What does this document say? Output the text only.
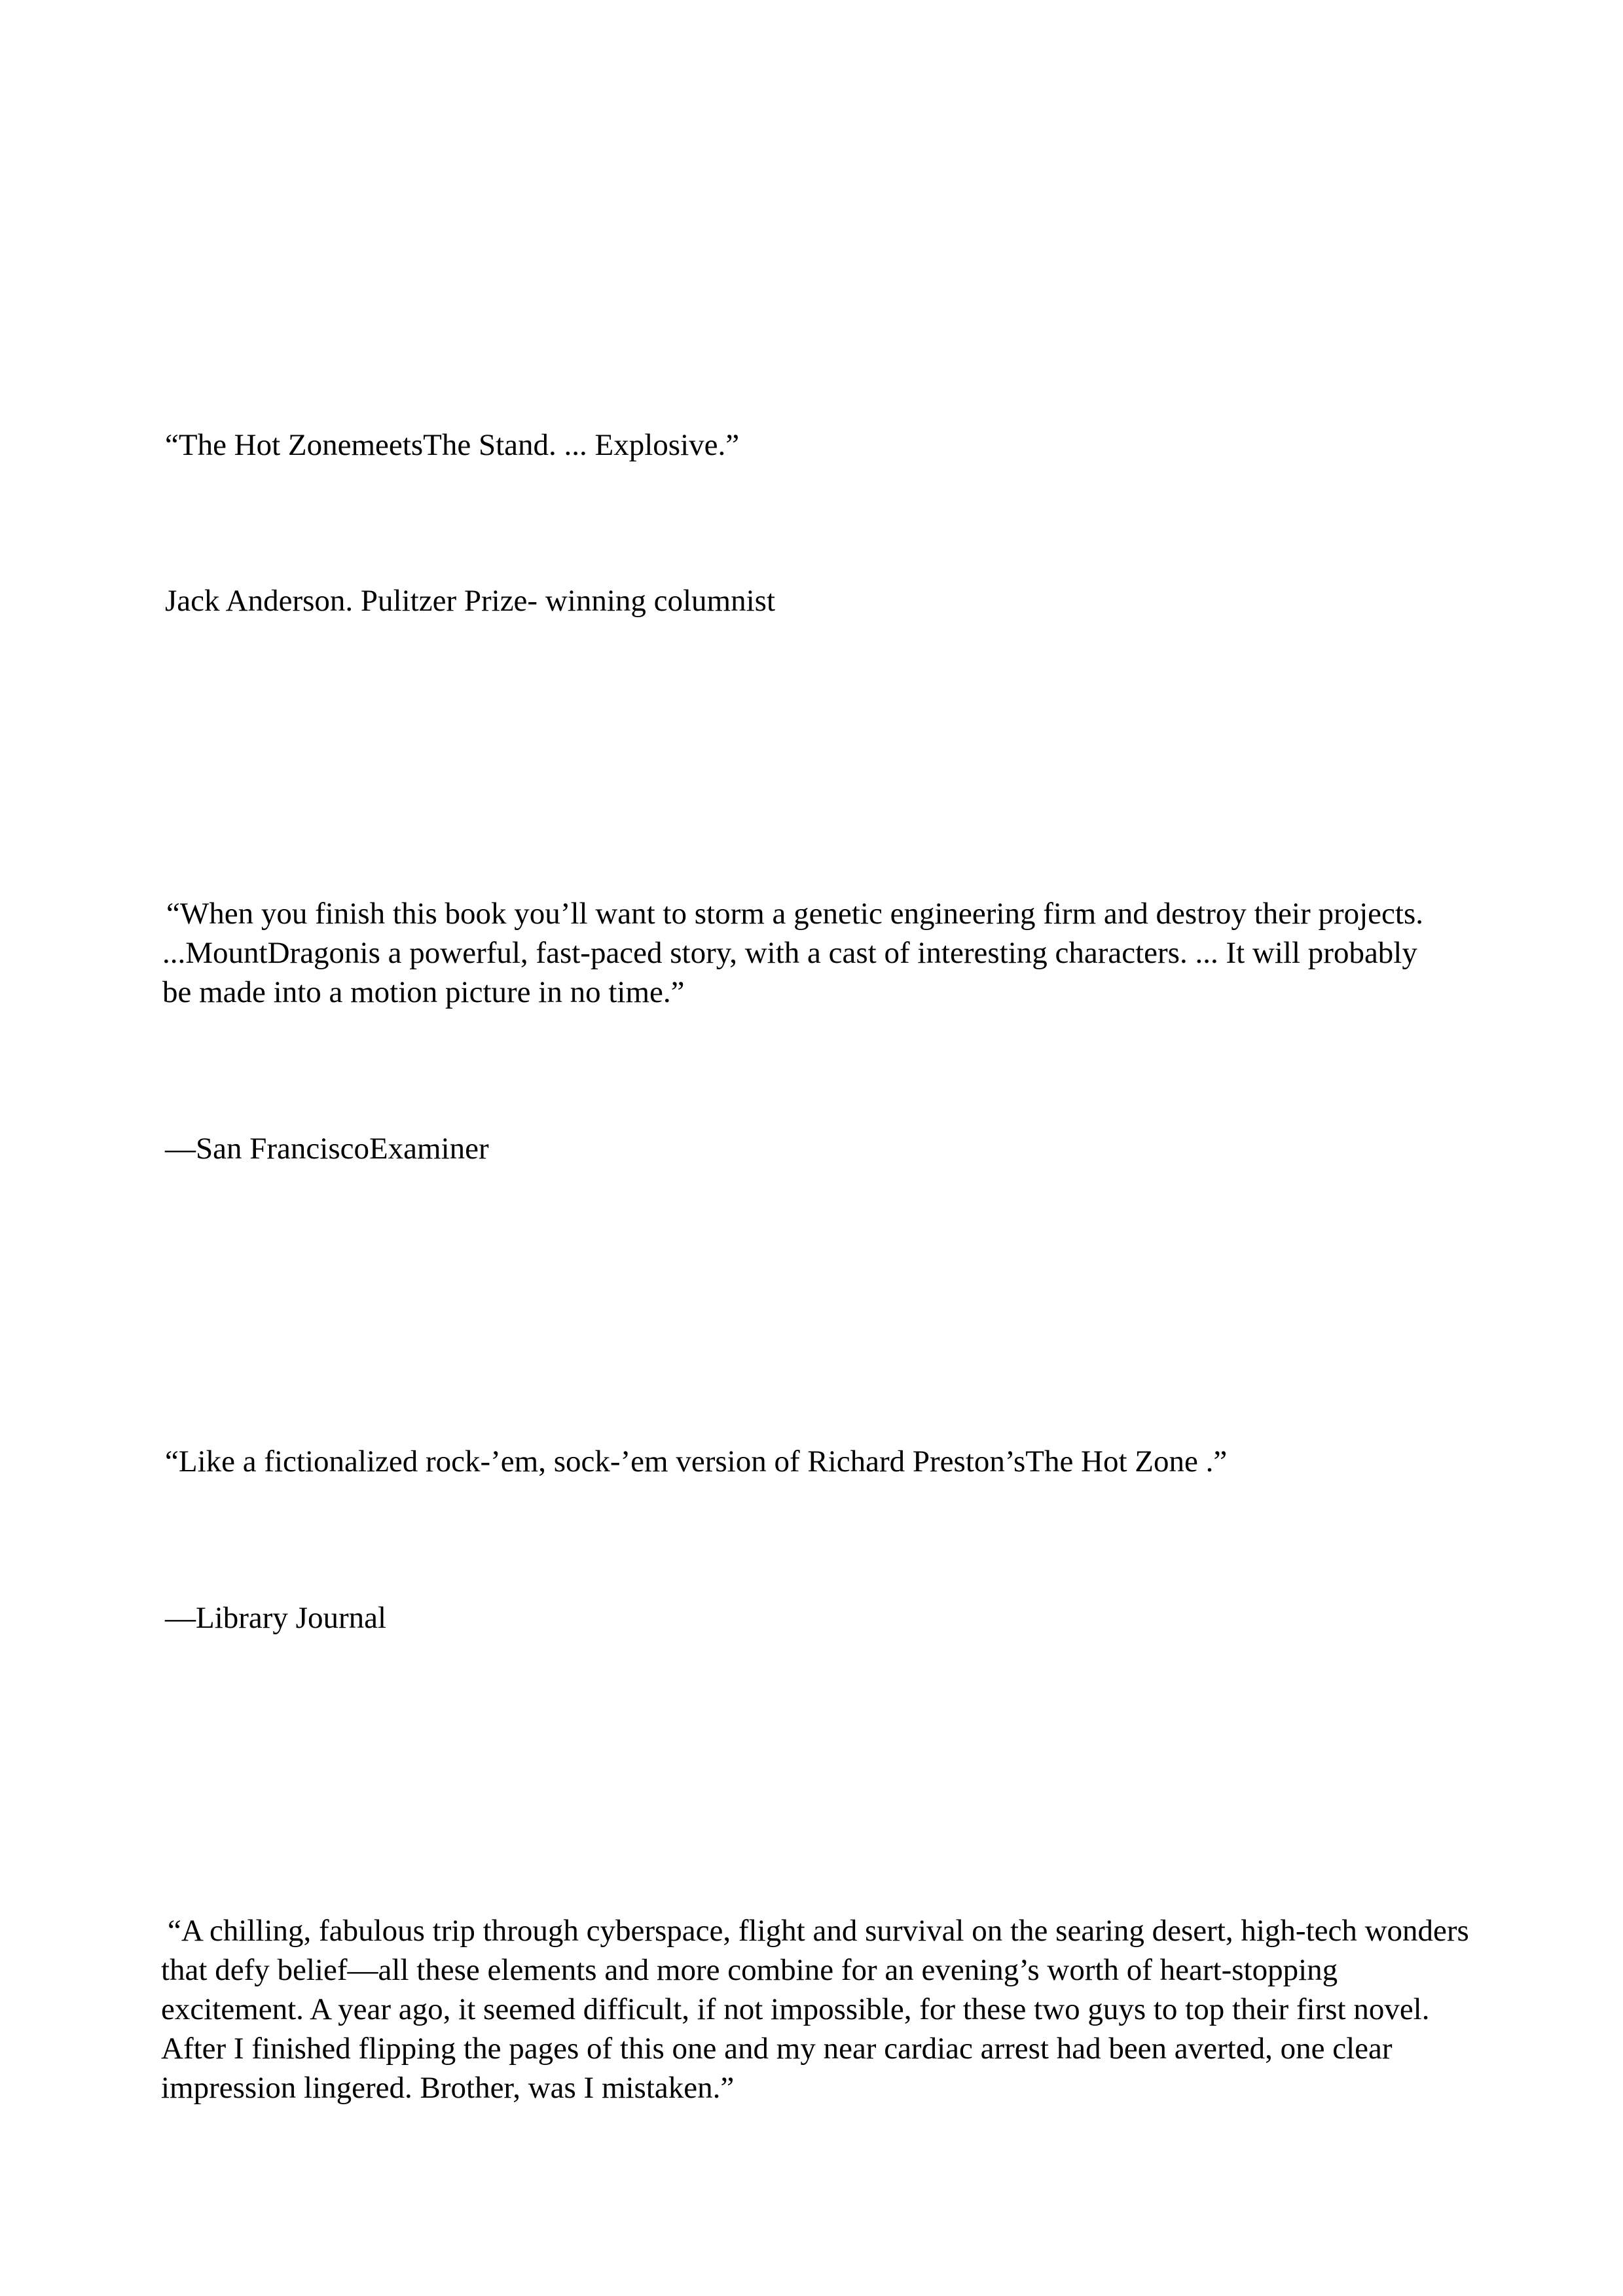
“The Hot ZonemeetsThe Stand. ... Explosive.”

Jack Anderson. Pulitzer Prize- winning columnist

“When you finish this book you’ll want to storm a genetic engineering firm and destroy their projects.
...MountDragonis a powerful, fast-paced story, with a cast of interesting characters. ... It will probably
be made into a motion picture in no time.”

—San FranciscoExaminer

“Like a fictionalized rock-’em, sock-’em version of Richard Preston’sThe Hot Zone .”

—Library Journal

“A chilling, fabulous trip through cyberspace, flight and survival on the searing desert, high-tech wonders
that defy belief—all these elements and more combine for an evening’s worth of heart-stopping
excitement. A year ago, it seemed difficult, if not impossible, for these two guys to top their first novel.
After I finished flipping the pages of this one and my near cardiac arrest had been averted, one clear
impression lingered. Brother, was I mistaken.”
